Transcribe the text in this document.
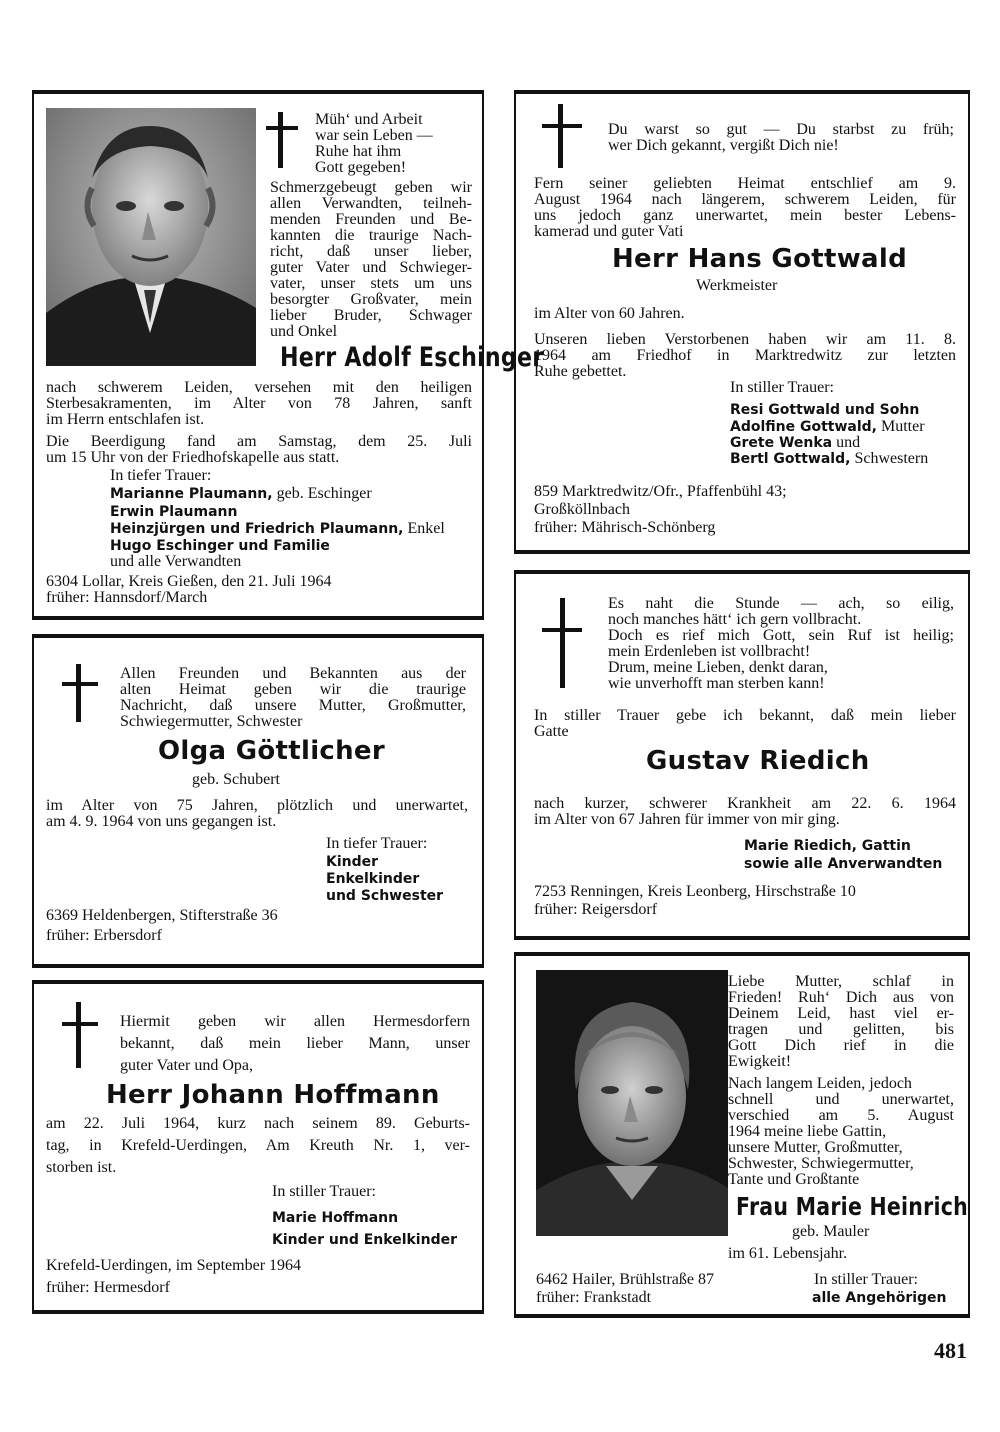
Müh‘ und Arbeit
war sein Leben —
Ruhe hat ihm
Gott gegeben!
Schmerzgebeugt geben wir
allen Verwandten, teilneh-
menden Freunden und Be-
kannten die traurige Nach-
richt, daß unser lieber,
guter Vater und Schwieger-
vater, unser stets um uns
besorgter Großvater, mein
lieber Bruder, Schwager
und Onkel
Herr Adolf Eschinger
nach schwerem Leiden, versehen mit den heiligen
Sterbesakramenten, im Alter von 78 Jahren, sanft
im Herrn entschlafen ist.
Die Beerdigung fand am Samstag, dem 25. Juli
um 15 Uhr von der Friedhofskapelle aus statt.
In tiefer Trauer:
Marianne Plaumann, geb. Eschinger
Erwin Plaumann
Heinzjürgen und Friedrich Plaumann, Enkel
Hugo Eschinger und Familie
und alle Verwandten
6304 Lollar, Kreis Gießen, den 21. Juli 1964
früher: Hannsdorf/March
Allen Freunden und Bekannten aus der
alten Heimat geben wir die traurige
Nachricht, daß unsere Mutter, Großmutter,
Schwiegermutter, Schwester
Olga Göttlicher
geb. Schubert
im Alter von 75 Jahren, plötzlich und unerwartet,
am 4. 9. 1964 von uns gegangen ist.
In tiefer Trauer:
Kinder
Enkelkinder
und Schwester
6369 Heldenbergen, Stifterstraße 36
früher: Erbersdorf
Hiermit geben wir allen Hermesdorfern
bekannt, daß mein lieber Mann, unser
guter Vater und Opa,
Herr Johann Hoffmann
am 22. Juli 1964, kurz nach seinem 89. Geburts-
tag, in Krefeld-Uerdingen, Am Kreuth Nr. 1, ver-
storben ist.
In stiller Trauer:
Marie Hoffmann
Kinder und Enkelkinder
Krefeld-Uerdingen, im September 1964
früher: Hermesdorf
Du warst so gut — Du starbst zu früh;
wer Dich gekannt, vergißt Dich nie!
Fern seiner geliebten Heimat entschlief am 9.
August 1964 nach längerem, schwerem Leiden, für
uns jedoch ganz unerwartet, mein bester Lebens-
kamerad und guter Vati
Herr Hans Gottwald
Werkmeister
im Alter von 60 Jahren.
Unseren lieben Verstorbenen haben wir am 11. 8.
1964 am Friedhof in Marktredwitz zur letzten
Ruhe gebettet.
In stiller Trauer:
Resi Gottwald und Sohn
Adolfine Gottwald, Mutter
Grete Wenka und
Bertl Gottwald, Schwestern
859 Marktredwitz/Ofr., Pfaffenbühl 43;
Großköllnbach
früher: Mährisch-Schönberg
Es naht die Stunde — ach, so eilig,
noch manches hätt‘ ich gern vollbracht.
Doch es rief mich Gott, sein Ruf ist heilig;
mein Erdenleben ist vollbracht!
Drum, meine Lieben, denkt daran,
wie unverhofft man sterben kann!
In stiller Trauer gebe ich bekannt, daß mein lieber
Gatte
Gustav Riedich
nach kurzer, schwerer Krankheit am 22. 6. 1964
im Alter von 67 Jahren für immer von mir ging.
Marie Riedich, Gattin
sowie alle Anverwandten
7253 Renningen, Kreis Leonberg, Hirschstraße 10
früher: Reigersdorf
Liebe Mutter, schlaf in
Frieden! Ruh‘ Dich aus von
Deinem Leid, hast viel er-
tragen und gelitten, bis
Gott Dich rief in die
Ewigkeit!
Nach langem Leiden, jedoch
schnell und unerwartet,
verschied am 5. August
1964 meine liebe Gattin,
unsere Mutter, Großmutter,
Schwester, Schwiegermutter,
Tante und Großtante
Frau Marie Heinrich
geb. Mauler
im 61. Lebensjahr.
6462 Hailer, Brühlstraße 87
früher: Frankstadt
In stiller Trauer:
alle Angehörigen
481
